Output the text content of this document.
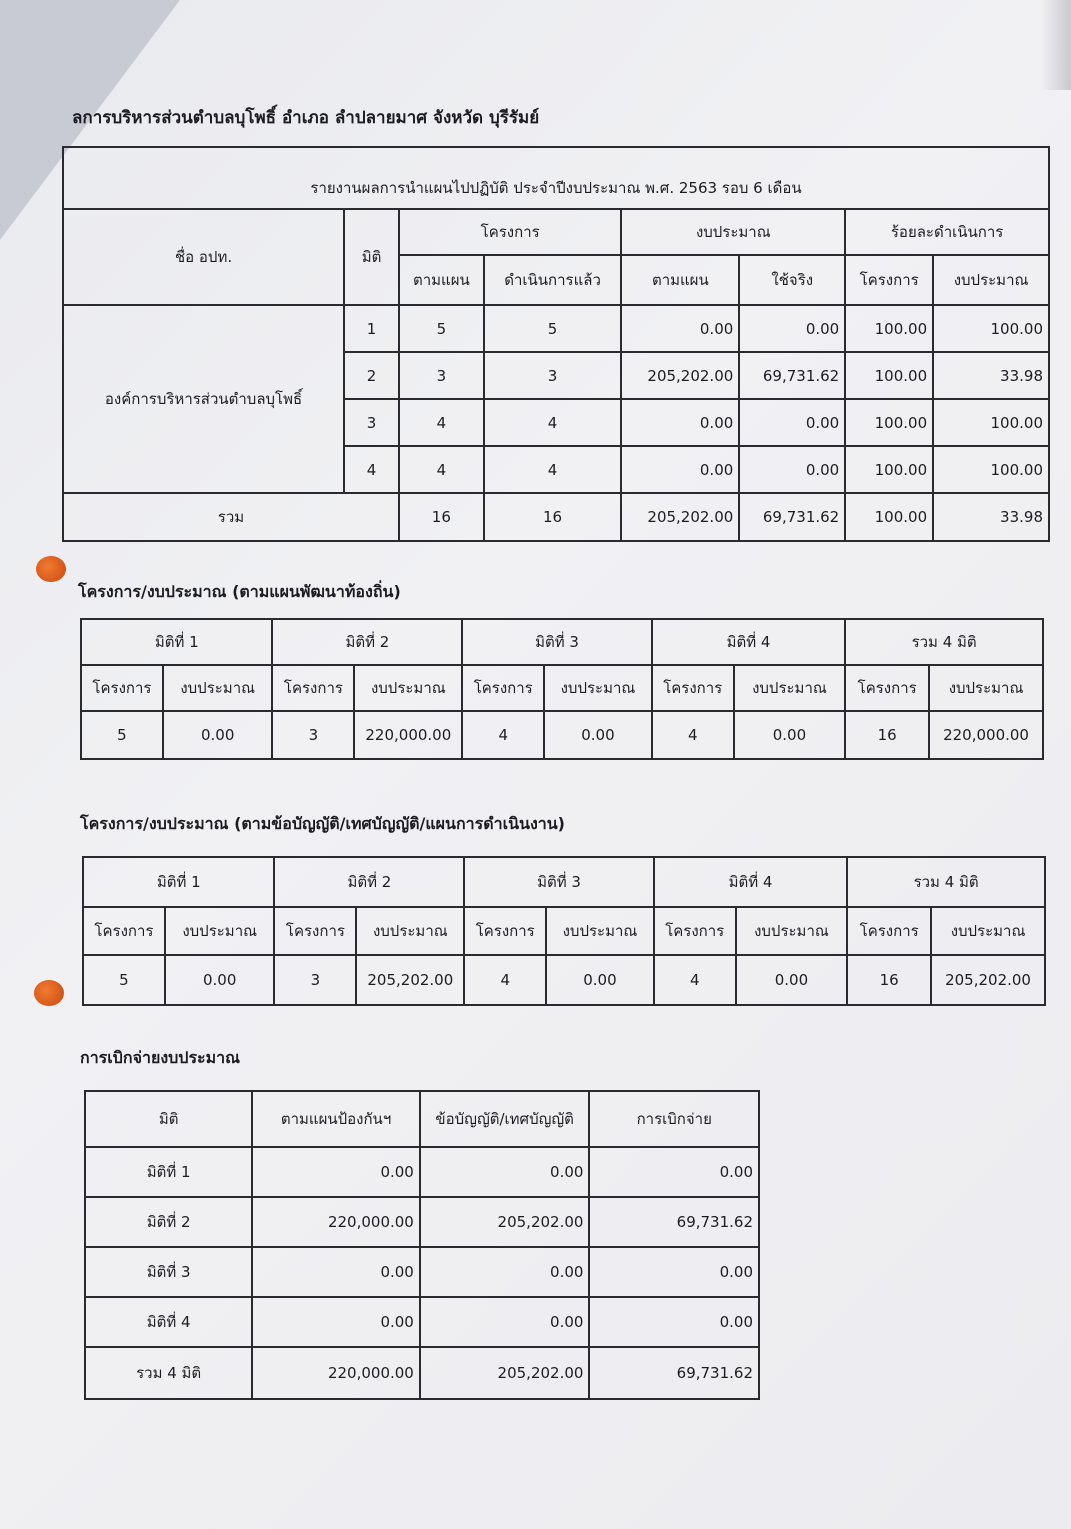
ลการบริหารส่วนตำบลบุโพธิ์ อำเภอ ลำปลายมาศ จังหวัด บุรีรัมย์
รายงานผลการนำแผนไปปฏิบัติ ประจำปีงบประมาณ พ.ศ. 2563 รอบ 6 เดือน							
ชื่อ อปท.	มิติ	โครงการ		งบประมาณ		ร้อยละดำเนินการ	
		ตามแผน	ดำเนินการแล้ว	ตามแผน	ใช้จริง	โครงการ	งบประมาณ
องค์การบริหารส่วนตำบลบุโพธิ์	1	5	5	0.00	0.00	100.00	100.00
	2	3	3	205,202.00	69,731.62	100.00	33.98
	3	4	4	0.00	0.00	100.00	100.00
	4	4	4	0.00	0.00	100.00	100.00
รวม		16	16	205,202.00	69,731.62	100.00	33.98
โครงการ/งบประมาณ (ตามแผนพัฒนาท้องถิ่น)
มิติที่ 1		มิติที่ 2		มิติที่ 3		มิติที่ 4		รวม 4 มิติ	
โครงการ	งบประมาณ	โครงการ	งบประมาณ	โครงการ	งบประมาณ	โครงการ	งบประมาณ	โครงการ	งบประมาณ
5	0.00	3	220,000.00	4	0.00	4	0.00	16	220,000.00
โครงการ/งบประมาณ (ตามข้อบัญญัติ/เทศบัญญัติ/แผนการดำเนินงาน)
มิติที่ 1		มิติที่ 2		มิติที่ 3		มิติที่ 4		รวม 4 มิติ	
โครงการ	งบประมาณ	โครงการ	งบประมาณ	โครงการ	งบประมาณ	โครงการ	งบประมาณ	โครงการ	งบประมาณ
5	0.00	3	205,202.00	4	0.00	4	0.00	16	205,202.00
การเบิกจ่ายงบประมาณ
มิติ	ตามแผนป้องกันฯ	ข้อบัญญัติ/เทศบัญญัติ	การเบิกจ่าย
มิติที่ 1	0.00	0.00	0.00
มิติที่ 2	220,000.00	205,202.00	69,731.62
มิติที่ 3	0.00	0.00	0.00
มิติที่ 4	0.00	0.00	0.00
รวม 4 มิติ	220,000.00	205,202.00	69,731.62
